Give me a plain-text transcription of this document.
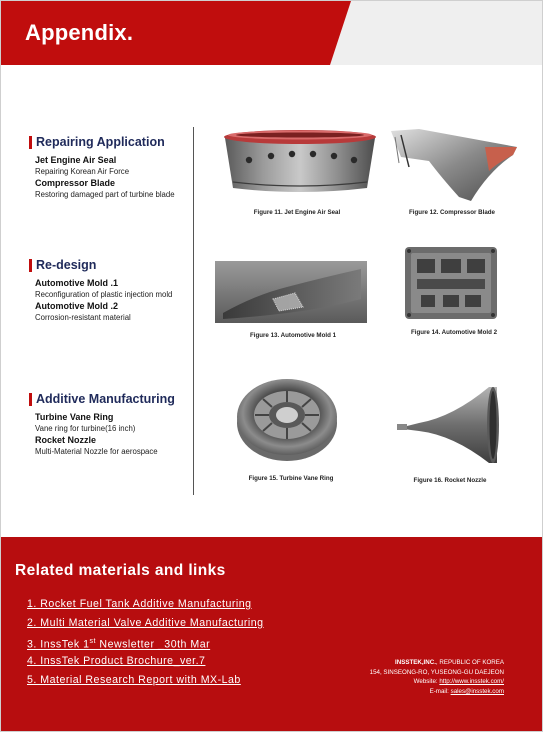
Appendix.
Repairing Application
Jet Engine Air Seal
Repairing Korean Air Force
Compressor Blade
Restoring damaged part of turbine blade
Re-design
Automotive Mold .1
Reconfiguration of plastic injection mold
Automotive Mold .2
Corrosion-resistant material
Additive Manufacturing
Turbine Vane Ring
Vane ring for turbine(16 inch)
Rocket Nozzle
Multi-Material Nozzle for aerospace
Figure 11. Jet Engine Air Seal	Figure 12. Compressor Blade
Figure 13. Automotive Mold 1	Figure 14. Automotive Mold 2
Figure 15. Turbine Vane Ring	Figure 16. Rocket Nozzle
Related materials and links
1. Rocket Fuel Tank Additive Manufacturing
2. Multi Material Valve Additive Manufacturing
3. InssTek 1st Newsletter _30th Mar
4. InssTek Product Brochure_ver.7
5. Material Research Report with MX-Lab
INSSTEK,INC., REPUBLIC OF KOREA
154, SINSEONG-RO, YUSEONG-GU DAEJEON
Website: http://www.insstek.com/
E-mail: sales@insstek.com
